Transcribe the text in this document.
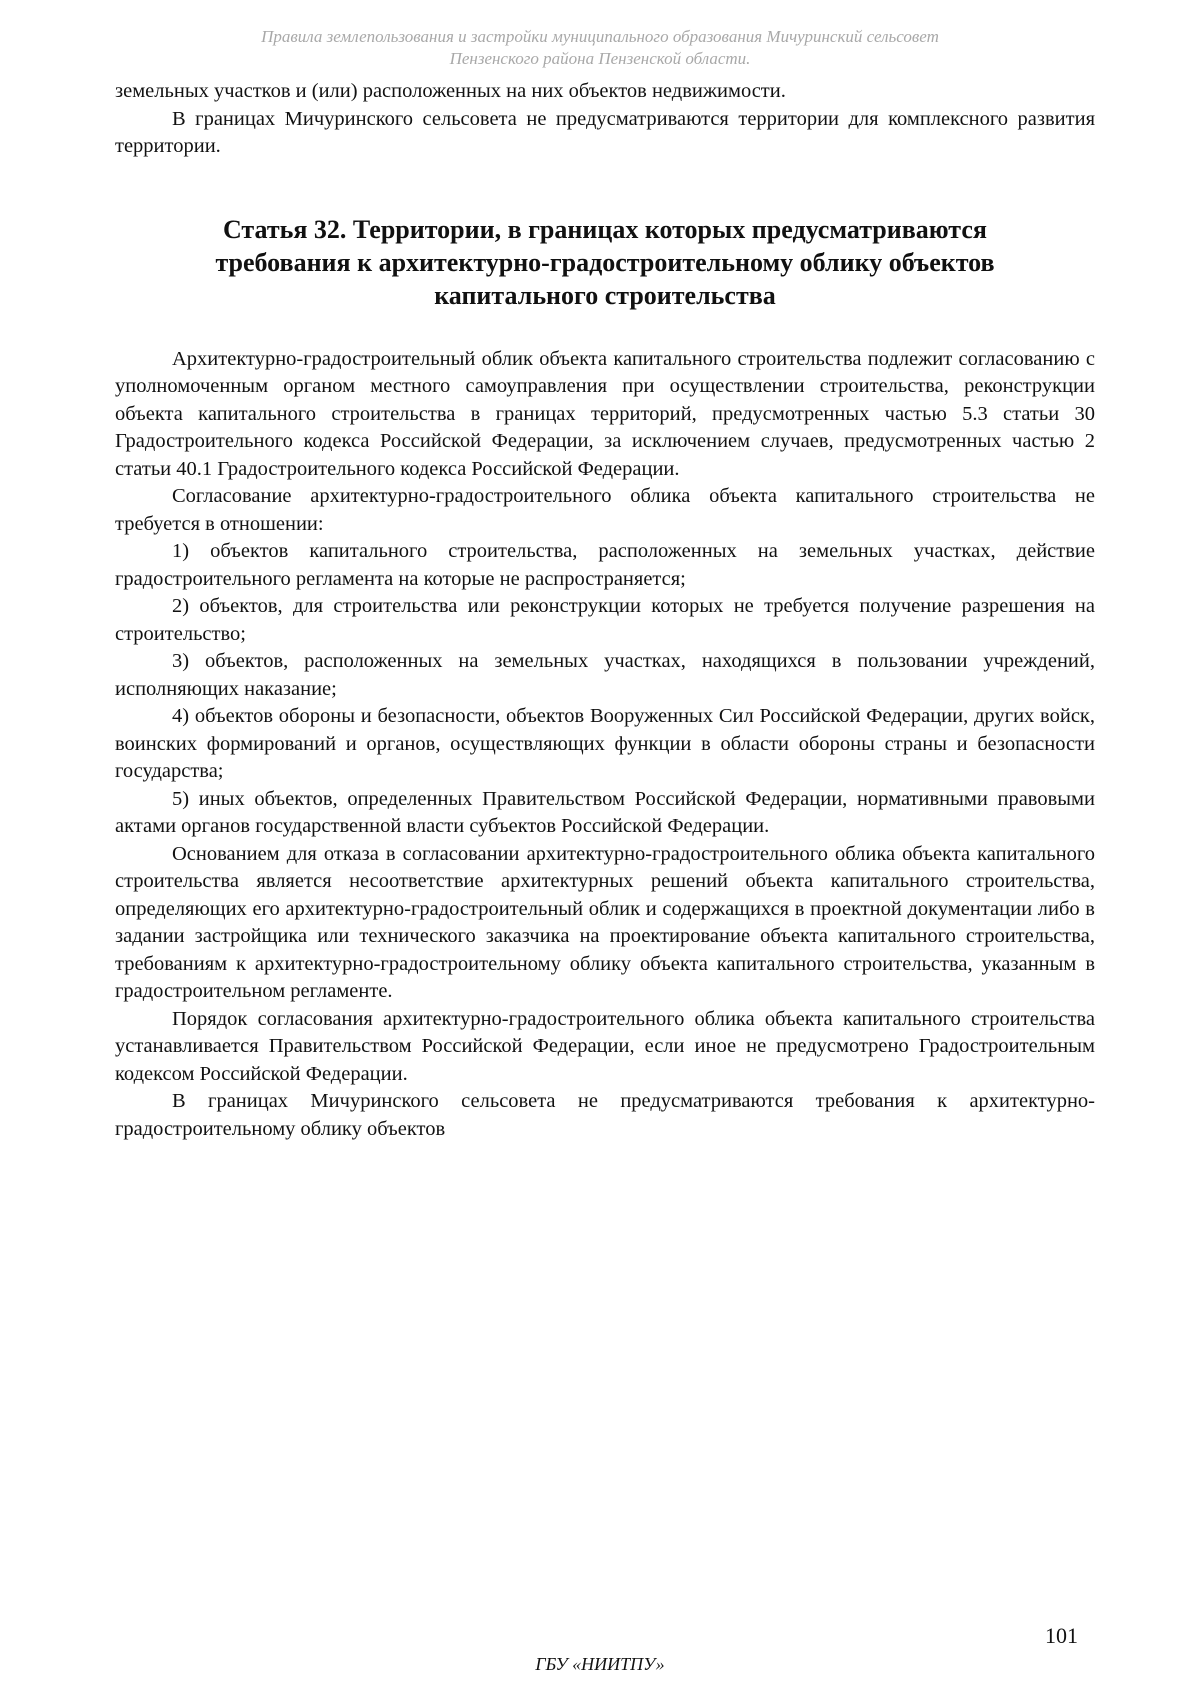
Правила землепользования и застройки муниципального образования Мичуринский сельсовет
Пензенского района Пензенской области.

земельных участков и (или) расположенных на них объектов недвижимости.

В границах Мичуринского сельсовета не предусматриваются территории для комплексного развития территории.

Статья 32. Территории, в границах которых предусматриваются требования к архитектурно-градостроительному облику объектов капитального строительства

Архитектурно-градостроительный облик объекта капитального строительства подлежит согласованию с уполномоченным органом местного самоуправления при осуществлении строительства, реконструкции объекта капитального строительства в границах территорий, предусмотренных частью 5.3 статьи 30 Градостроительного кодекса Российской Федерации, за исключением случаев, предусмотренных частью 2 статьи 40.1 Градостроительного кодекса Российской Федерации.

Согласование архитектурно-градостроительного облика объекта капитального строительства не требуется в отношении:

1) объектов капитального строительства, расположенных на земельных участках, действие градостроительного регламента на которые не распространяется;

2) объектов, для строительства или реконструкции которых не требуется получение разрешения на строительство;

3) объектов, расположенных на земельных участках, находящихся в пользовании учреждений, исполняющих наказание;

4) объектов обороны и безопасности, объектов Вооруженных Сил Российской Федерации, других войск, воинских формирований и органов, осуществляющих функции в области обороны страны и безопасности государства;

5) иных объектов, определенных Правительством Российской Федерации, нормативными правовыми актами органов государственной власти субъектов Российской Федерации.

Основанием для отказа в согласовании архитектурно-градостроительного облика объекта капитального строительства является несоответствие архитектурных решений объекта капитального строительства, определяющих его архитектурно-градостроительный облик и содержащихся в проектной документации либо в задании застройщика или технического заказчика на проектирование объекта капитального строительства, требованиям к архитектурно-градостроительному облику объекта капитального строительства, указанным в градостроительном регламенте.

Порядок согласования архитектурно-градостроительного облика объекта капитального строительства устанавливается Правительством Российской Федерации, если иное не предусмотрено Градостроительным кодексом Российской Федерации.

В границах Мичуринского сельсовета не предусматриваются требования к архитектурно-градостроительному облику объектов

101
ГБУ «НИИТПУ»
